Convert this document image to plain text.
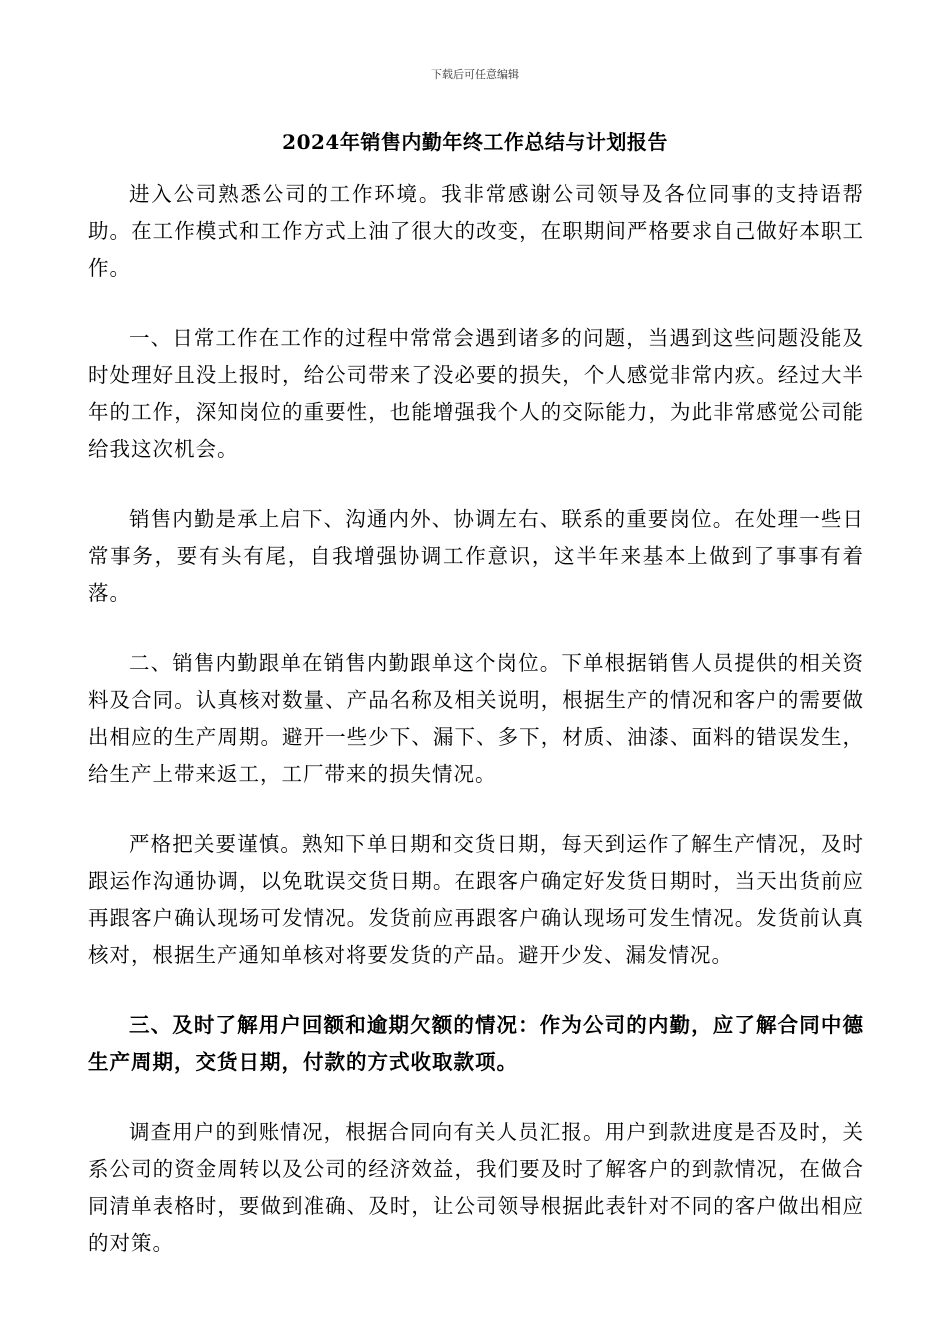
下载后可任意编辑
2024年销售内勤年终工作总结与计划报告

进入公司熟悉公司的工作环境。我非常感谢公司领导及各位同事的支持语帮助。在工作模式和工作方式上油了很大的改变，在职期间严格要求自己做好本职工作。

一、日常工作在工作的过程中常常会遇到诸多的问题，当遇到这些问题没能及时处理好且没上报时，给公司带来了没必要的损失，个人感觉非常内疚。经过大半年的工作，深知岗位的重要性，也能增强我个人的交际能力，为此非常感觉公司能给我这次机会。

销售内勤是承上启下、沟通内外、协调左右、联系的重要岗位。在处理一些日常事务，要有头有尾，自我增强协调工作意识，这半年来基本上做到了事事有着落。

二、销售内勤跟单在销售内勤跟单这个岗位。下单根据销售人员提供的相关资料及合同。认真核对数量、产品名称及相关说明，根据生产的情况和客户的需要做出相应的生产周期。避开一些少下、漏下、多下，材质、油漆、面料的错误发生，给生产上带来返工，工厂带来的损失情况。

严格把关要谨慎。熟知下单日期和交货日期，每天到运作了解生产情况，及时跟运作沟通协调，以免耽误交货日期。在跟客户确定好发货日期时，当天出货前应再跟客户确认现场可发情况。发货前应再跟客户确认现场可发生情况。发货前认真核对，根据生产通知单核对将要发货的产品。避开少发、漏发情况。

三、及时了解用户回额和逾期欠额的情况：作为公司的内勤，应了解合同中德生产周期，交货日期，付款的方式收取款项。

调查用户的到账情况，根据合同向有关人员汇报。用户到款进度是否及时，关系公司的资金周转以及公司的经济效益，我们要及时了解客户的到款情况，在做合同清单表格时，要做到准确、及时，让公司领导根据此表针对不同的客户做出相应的对策。
